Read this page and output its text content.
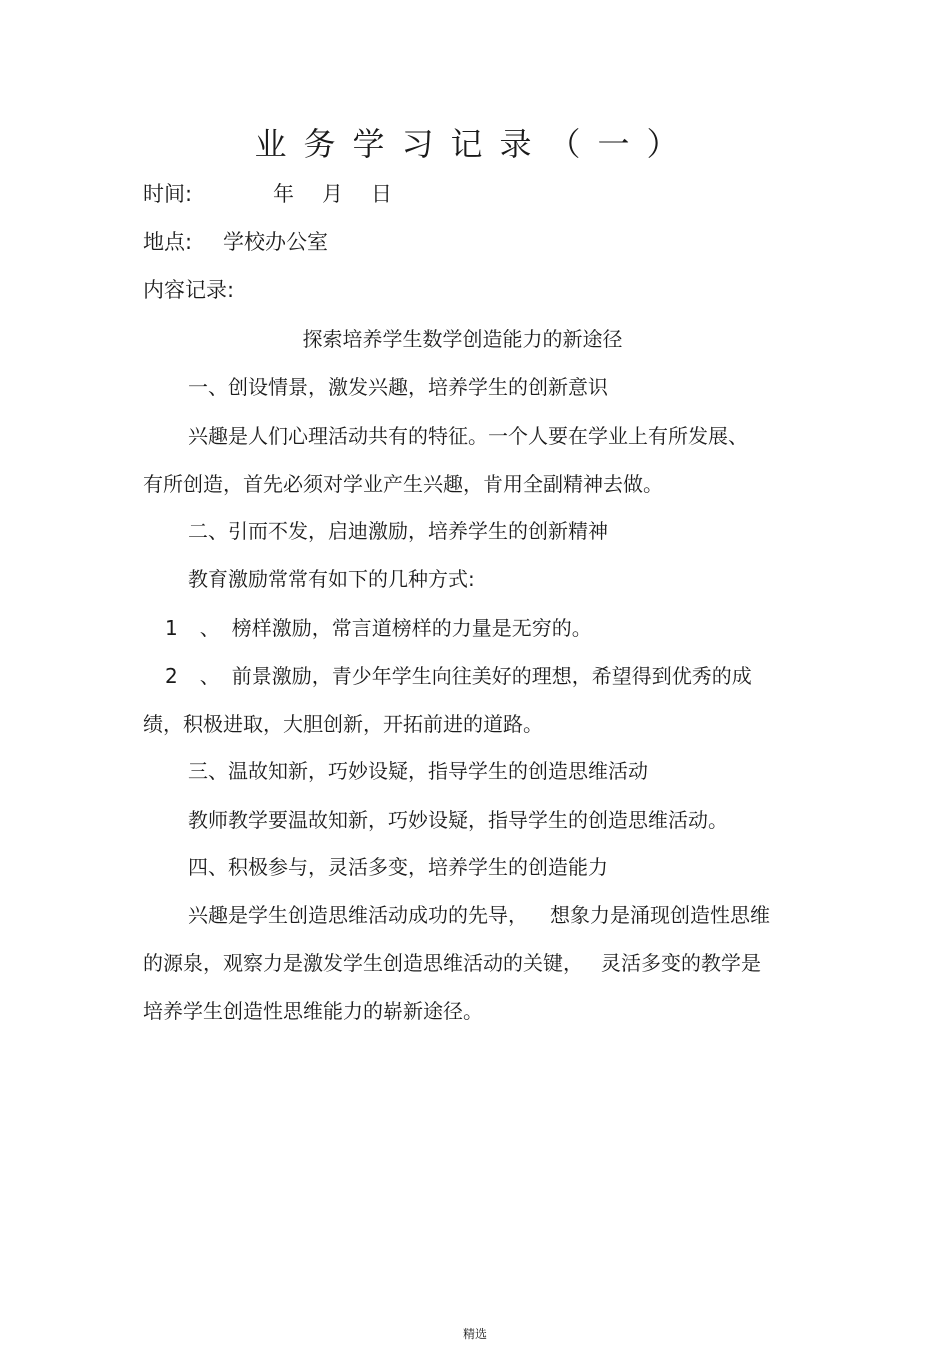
业务学习记录（一）
时间:	年 月 日
地点: 学校办公室
内容记录:
探索培养学生数学创造能力的新途径
一、创设情景，激发兴趣，培养学生的创新意识
兴趣是人们心理活动共有的特征。一个人要在学业上有所发展、
有所创造，首先必须对学业产生兴趣，肯用全副精神去做。
二、引而不发，启迪激励，培养学生的创新精神
教育激励常常有如下的几种方式:
1 、 榜样激励，常言道榜样的力量是无穷的。
2 、 前景激励，青少年学生向往美好的理想，希望得到优秀的成
绩，积极进取，大胆创新，开拓前进的道路。
三、温故知新，巧妙设疑，指导学生的创造思维活动
教师教学要温故知新，巧妙设疑，指导学生的创造思维活动。
四、积极参与，灵活多变，培养学生的创造能力
兴趣是学生创造思维活动成功的先导， 想象力是涌现创造性思维
的源泉，观察力是激发学生创造思维活动的关键， 灵活多变的教学是
培养学生创造性思维能力的崭新途径。
精选
